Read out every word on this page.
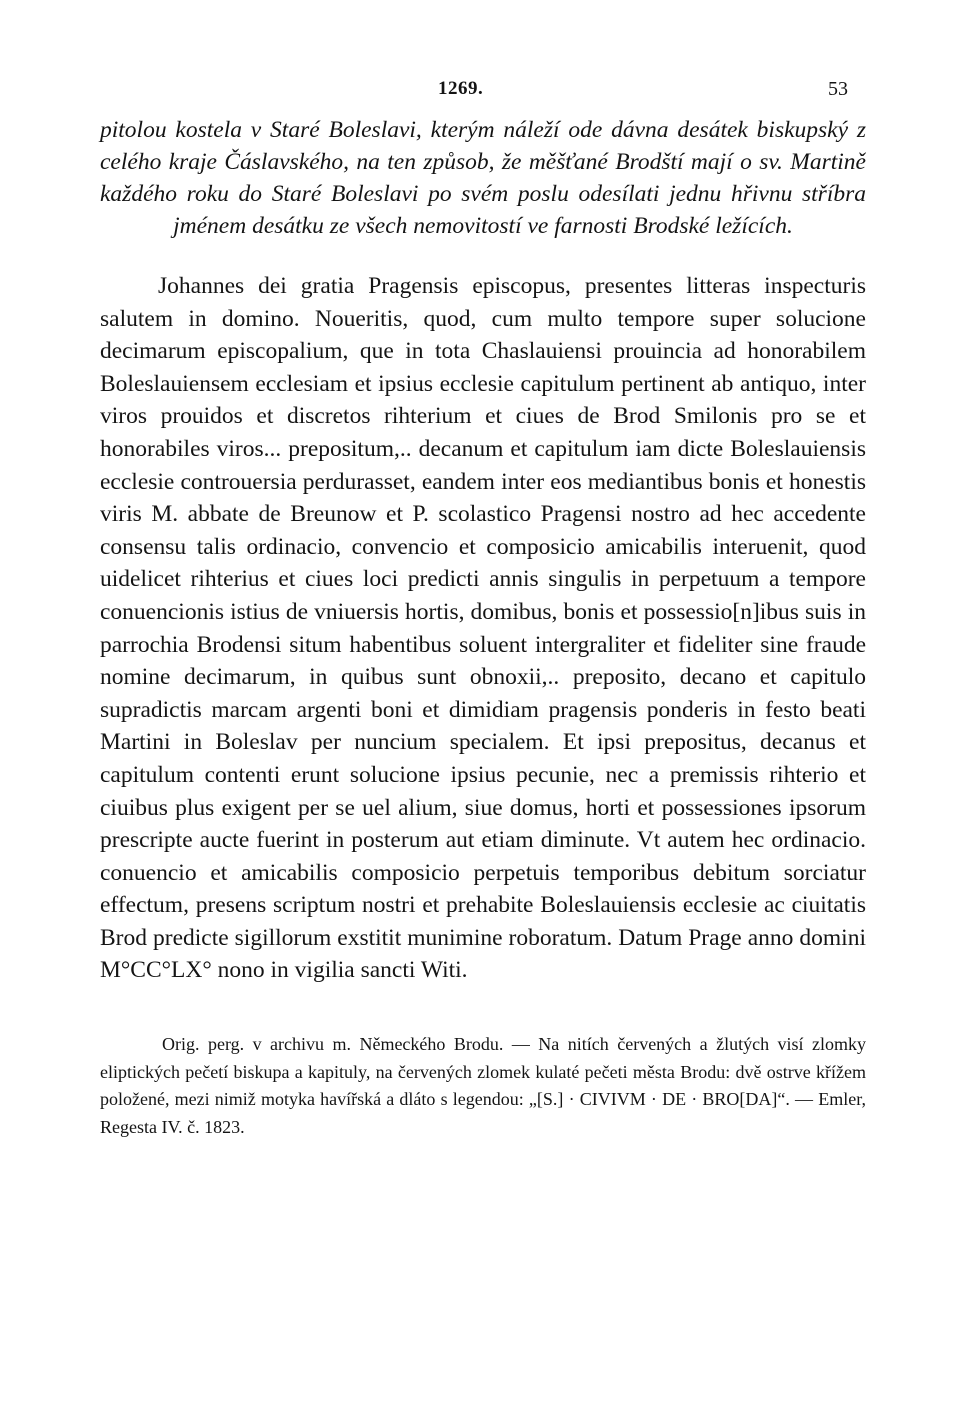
1269.	53

pitolou kostela v Staré Boleslavi, kterým náleží ode dávna desátek biskupský z celého kraje Čáslavského, na ten způsob, že měšťané Brodští mají o sv. Martině každého roku do Staré Boleslavi po svém poslu odesílati jednu hřivnu stříbra jménem desátku ze všech nemovitostí ve farnosti Brodské ležících.

Johannes dei gratia Pragensis episcopus, presentes litteras inspecturis salutem in domino. Noueritis, quod, cum multo tempore super solucione decimarum episcopalium, que in tota Chaslauiensi prouincia ad honorabilem Boleslauiensem ecclesiam et ipsius ecclesie capitulum pertinent ab antiquo, inter viros prouidos et discretos rihterium et ciues de Brod Smilonis pro se et honorabiles viros... prepositum,.. decanum et capitulum iam dicte Boleslauiensis ecclesie controuersia perdurasset, eandem inter eos mediantibus bonis et honestis viris M. abbate de Breunow et P. scolastico Pragensi nostro ad hec accedente consensu talis ordinacio, convencio et composicio amicabilis interuenit, quod uidelicet rihterius et ciues loci predicti annis singulis in perpetuum a tempore conuencionis istius de vniuersis hortis, domibus, bonis et possessio[n]ibus suis in parrochia Brodensi situm habentibus soluent intergraliter et fideliter sine fraude nomine decimarum, in quibus sunt obnoxii,.. preposito, decano et capitulo supradictis marcam argenti boni et dimidiam pragensis ponderis in festo beati Martini in Boleslav per nuncium specialem. Et ipsi prepositus, decanus et capitulum contenti erunt solucione ipsius pecunie, nec a premissis rihterio et ciuibus plus exigent per se uel alium, siue domus, horti et possessiones ipsorum prescripte aucte fuerint in posterum aut etiam diminute. Vt autem hec ordinacio. conuencio et amicabilis composicio perpetuis temporibus debitum sorciatur effectum, presens scriptum nostri et prehabite Boleslauiensis ecclesie ac ciuitatis Brod predicte sigillorum exstitit munimine roboratum. Datum Prage anno domini M°CC°LX° nono in vigilia sancti Witi.

Orig. perg. v archivu m. Německého Brodu. — Na nitích červených a žlutých visí zlomky eliptických pečetí biskupa a kapituly, na červených zlomek kulaté pečeti města Brodu: dvě ostrve křížem položené, mezi nimiž motyka havířská a dláto s legendou: „[S.] · CIVIVM · DE · BRO[DA]“. — Emler, Regesta IV. č. 1823.
